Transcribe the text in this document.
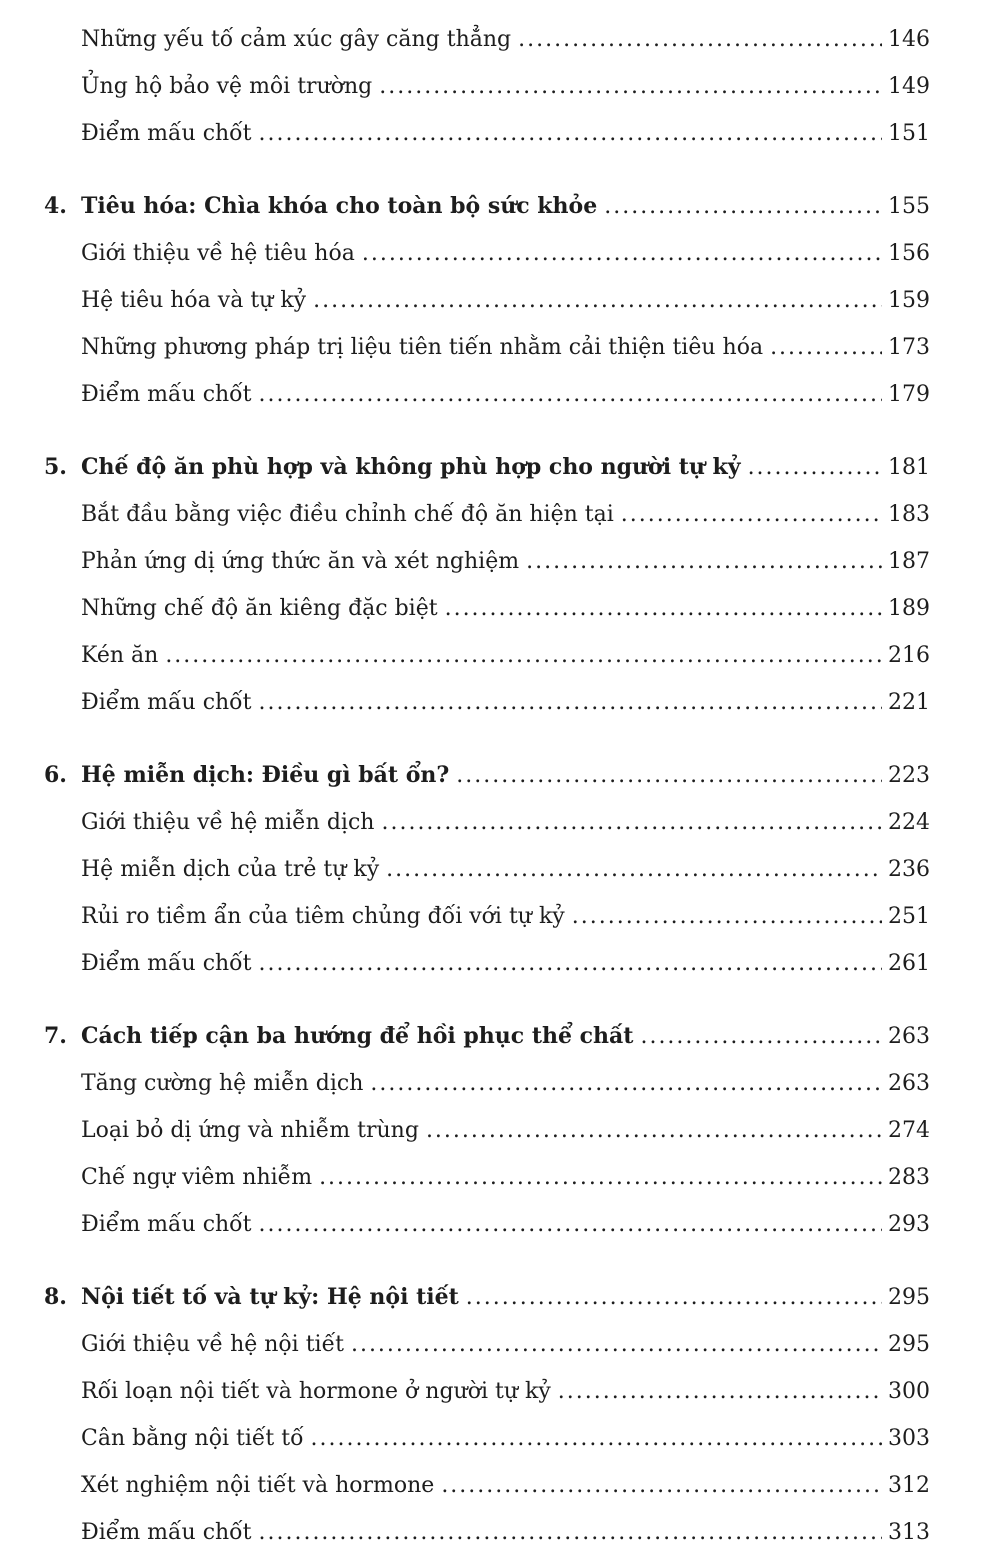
Những yếu tố cảm xúc gây căng thẳng .....	146
Ủng hộ bảo vệ môi trường .....	149
Điểm mấu chốt .....	151
4. Tiêu hóa: Chìa khóa cho toàn bộ sức khỏe .....	155
Giới thiệu về hệ tiêu hóa .....	156
Hệ tiêu hóa và tự kỷ .....	159
Những phương pháp trị liệu tiên tiến nhằm cải thiện tiêu hóa .....	173
Điểm mấu chốt .....	179
5. Chế độ ăn phù hợp và không phù hợp cho người tự kỷ .....	181
Bắt đầu bằng việc điều chỉnh chế độ ăn hiện tại .....	183
Phản ứng dị ứng thức ăn và xét nghiệm .....	187
Những chế độ ăn kiêng đặc biệt .....	189
Kén ăn .....	216
Điểm mấu chốt .....	221
6. Hệ miễn dịch: Điều gì bất ổn? .....	223
Giới thiệu về hệ miễn dịch .....	224
Hệ miễn dịch của trẻ tự kỷ .....	236
Rủi ro tiềm ẩn của tiêm chủng đối với tự kỷ .....	251
Điểm mấu chốt .....	261
7. Cách tiếp cận ba hướng để hồi phục thể chất .....	263
Tăng cường hệ miễn dịch .....	263
Loại bỏ dị ứng và nhiễm trùng .....	274
Chế ngự viêm nhiễm .....	283
Điểm mấu chốt .....	293
8. Nội tiết tố và tự kỷ: Hệ nội tiết .....	295
Giới thiệu về hệ nội tiết .....	295
Rối loạn nội tiết và hormone ở người tự kỷ .....	300
Cân bằng nội tiết tố .....	303
Xét nghiệm nội tiết và hormone .....	312
Điểm mấu chốt .....	313
